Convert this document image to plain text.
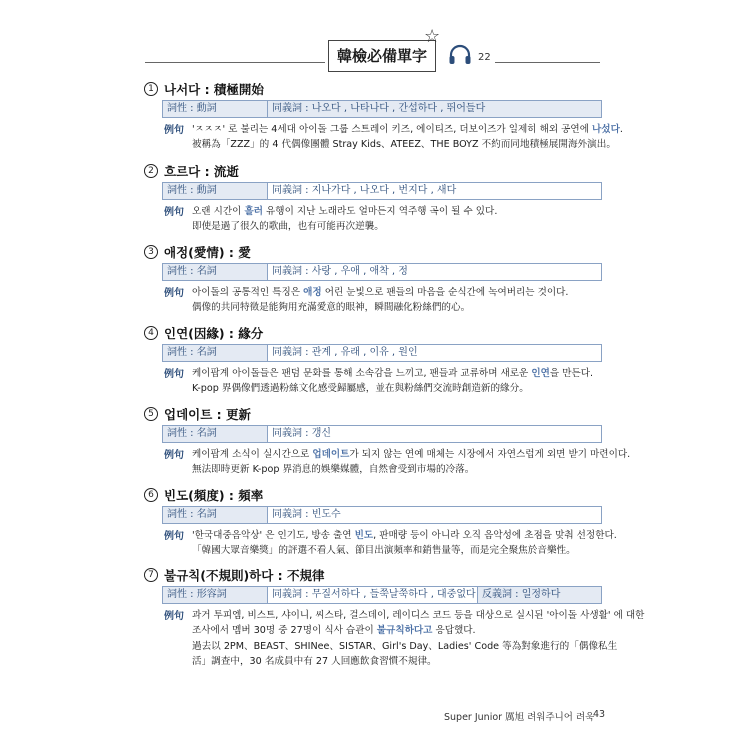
韓檢必備單字
☆
22
1 나서다 : 積極開始
詞性 : 動詞	同義詞 : 나오다 , 나타나다 , 간섭하다 , 뛰어들다
例句 'ㅈㅈㅈ' 로 불리는 4세대 아이돌 그룹 스트레이 키즈, 에이티즈, 더보이즈가 일제히 해외 공연에 나섰다.
被稱為「ZZZ」的 4 代偶像團體 Stray Kids、ATEEZ、THE BOYZ 不約而同地積極展開海外演出。
2 흐르다 : 流逝
詞性 : 動詞	同義詞 : 지나가다 , 나오다 , 번지다 , 새다
例句 오랜 시간이 흘러 유행이 지난 노래라도 얼마든지 역주행 곡이 될 수 있다.
即使是過了很久的歌曲，也有可能再次逆襲。
3 애정(愛情) : 愛
詞性 : 名詞	同義詞 : 사랑 , 우애 , 애착 , 정
例句 아이돌의 공통적인 특징은 애정 어린 눈빛으로 팬들의 마음을 순식간에 녹여버리는 것이다.
偶像的共同特徵是能夠用充滿愛意的眼神，瞬間融化粉絲們的心。
4 인연(因緣) : 緣分
詞性 : 名詞	同義詞 : 관계 , 유래 , 이유 , 원인
例句 케이팝계 아이돌들은 팬덤 문화를 통해 소속감을 느끼고, 팬들과 교류하며 새로운 인연을 만든다.
K-pop 界偶像們透過粉絲文化感受歸屬感，並在與粉絲們交流時創造新的緣分。
5 업데이트 : 更新
詞性 : 名詞	同義詞 : 갱신
例句 케이팝계 소식이 실시간으로 업데이트가 되지 않는 연예 매체는 시장에서 자연스럽게 외면 받기 마련이다.
無法即時更新 K-pop 界消息的娛樂媒體，自然會受到市場的冷落。
6 빈도(頻度) : 頻率
詞性 : 名詞	同義詞 : 빈도수
例句 '한국대중음악상' 은 인기도, 방송 출연 빈도, 판매량 등이 아니라 오직 음악성에 초점을 맞춰 선정한다.
「韓國大眾音樂獎」的評選不看人氣、節目出演頻率和銷售量等，而是完全聚焦於音樂性。
7 불규칙(不規則)하다 : 不規律
詞性 : 形容詞	同義詞 : 무질서하다 , 들쭉날쭉하다 , 대중없다 反義詞 : 일정하다
例句 과거 투피엠, 비스트, 샤이니, 씨스타, 걸스데이, 레이디스 코드 등을 대상으로 실시된 '아이돌 사생활' 에 대한
조사에서 멤버 30명 중 27명이 식사 습관이 불규칙하다고 응답했다.
過去以 2PM、BEAST、SHINee、SISTAR、Girl's Day、Ladies' Code 等為對象進行的「偶像私生
活」調查中，30 名成員中有 27 人回應飲食習慣不規律。
Super Junior 厲旭 려워주니어 려욱
43
